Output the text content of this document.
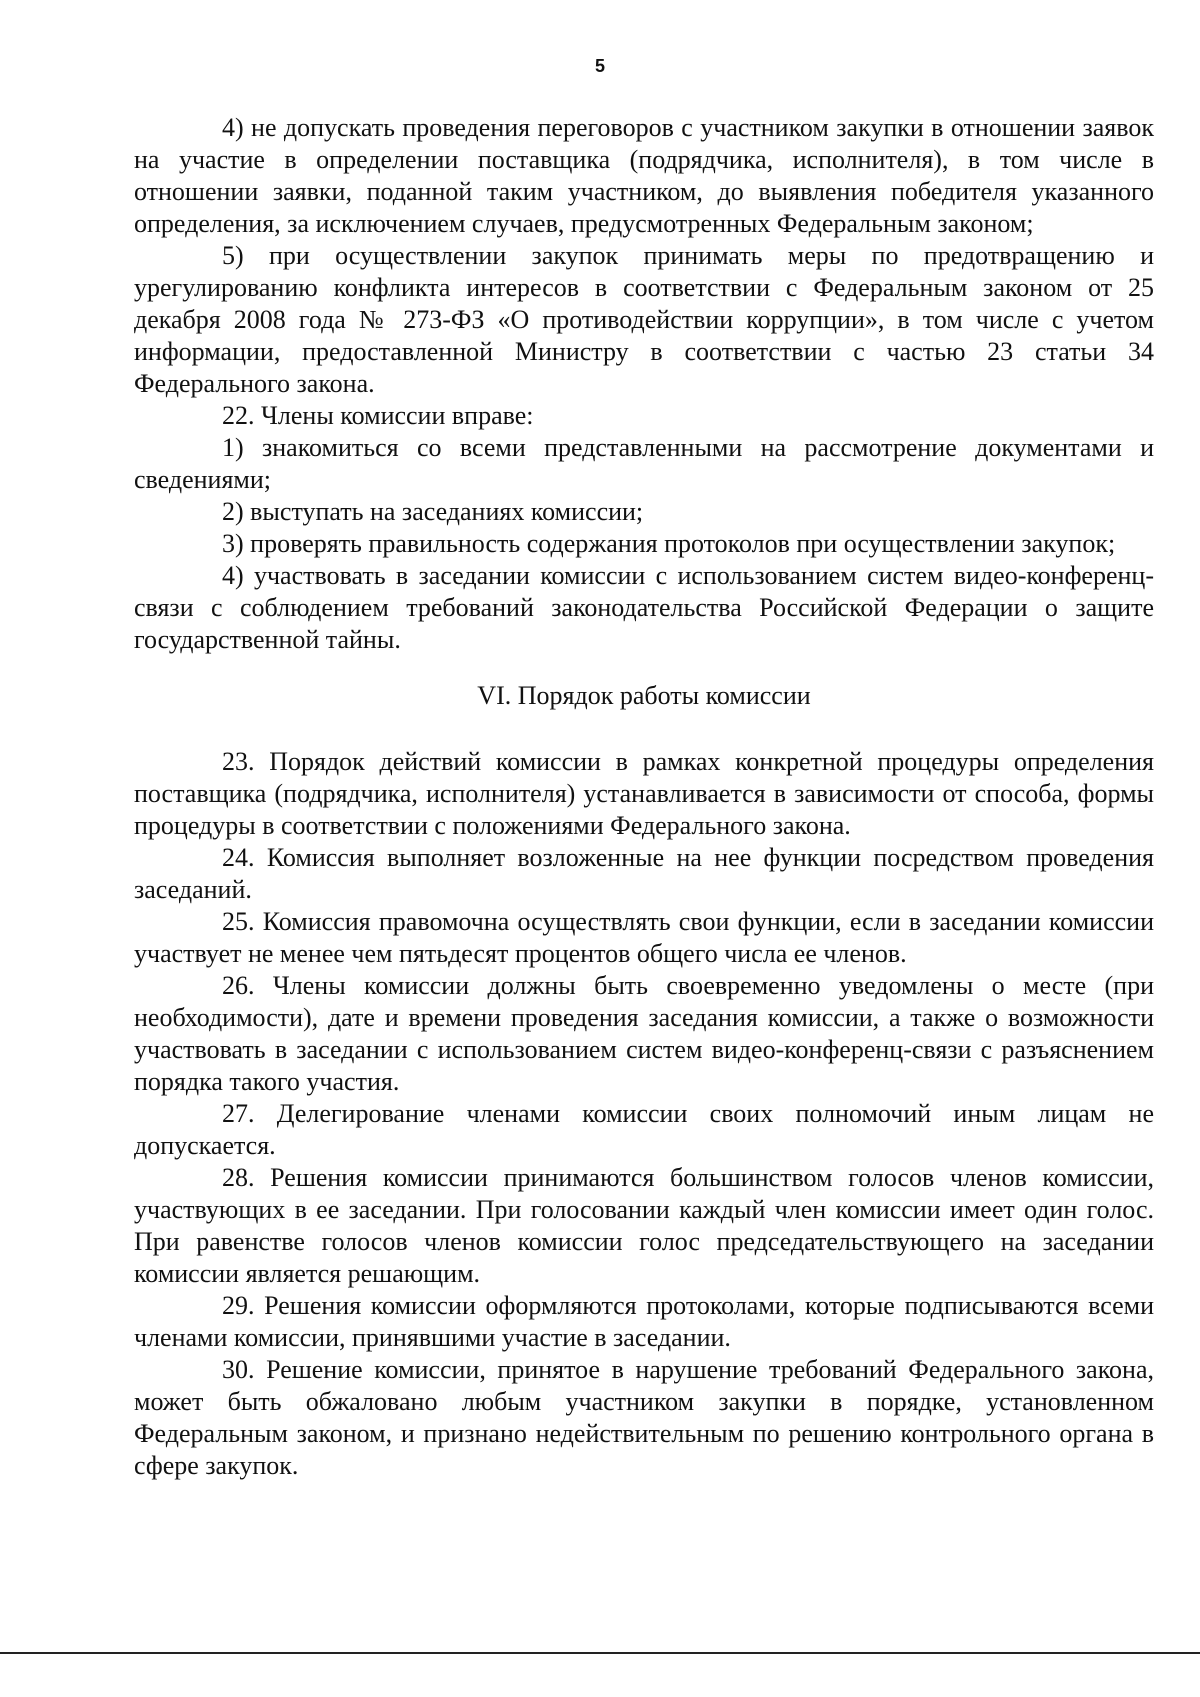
5

4) не допускать проведения переговоров с участником закупки в отношении заявок на участие в определении поставщика (подрядчика, исполнителя), в том числе в отношении заявки, поданной таким участником, до выявления победителя указанного определения, за исключением случаев, предусмотренных Федеральным законом;

5) при осуществлении закупок принимать меры по предотвращению и урегулированию конфликта интересов в соответствии с Федеральным законом от 25 декабря 2008 года № 273-ФЗ «О противодействии коррупции», в том числе с учетом информации, предоставленной Министру в соответствии с частью 23 статьи 34 Федерального закона.

22. Члены комиссии вправе:

1) знакомиться со всеми представленными на рассмотрение документами и сведениями;

2) выступать на заседаниях комиссии;

3) проверять правильность содержания протоколов при осуществлении закупок;

4) участвовать в заседании комиссии с использованием систем видео-конференц-связи с соблюдением требований законодательства Российской Федерации о защите государственной тайны.

VI. Порядок работы комиссии

23. Порядок действий комиссии в рамках конкретной процедуры определения поставщика (подрядчика, исполнителя) устанавливается в зависимости от способа, формы процедуры в соответствии с положениями Федерального закона.

24. Комиссия выполняет возложенные на нее функции посредством проведения заседаний.

25. Комиссия правомочна осуществлять свои функции, если в заседании комиссии участвует не менее чем пятьдесят процентов общего числа ее членов.

26. Члены комиссии должны быть своевременно уведомлены о месте (при необходимости), дате и времени проведения заседания комиссии, а также о возможности участвовать в заседании с использованием систем видео-конференц-связи с разъяснением порядка такого участия.

27. Делегирование членами комиссии своих полномочий иным лицам не допускается.

28. Решения комиссии принимаются большинством голосов членов комиссии, участвующих в ее заседании. При голосовании каждый член комиссии имеет один голос. При равенстве голосов членов комиссии голос председательствующего на заседании комиссии является решающим.

29. Решения комиссии оформляются протоколами, которые подписываются всеми членами комиссии, принявшими участие в заседании.

30. Решение комиссии, принятое в нарушение требований Федерального закона, может быть обжаловано любым участником закупки в порядке, установленном Федеральным законом, и признано недействительным по решению контрольного органа в сфере закупок.
